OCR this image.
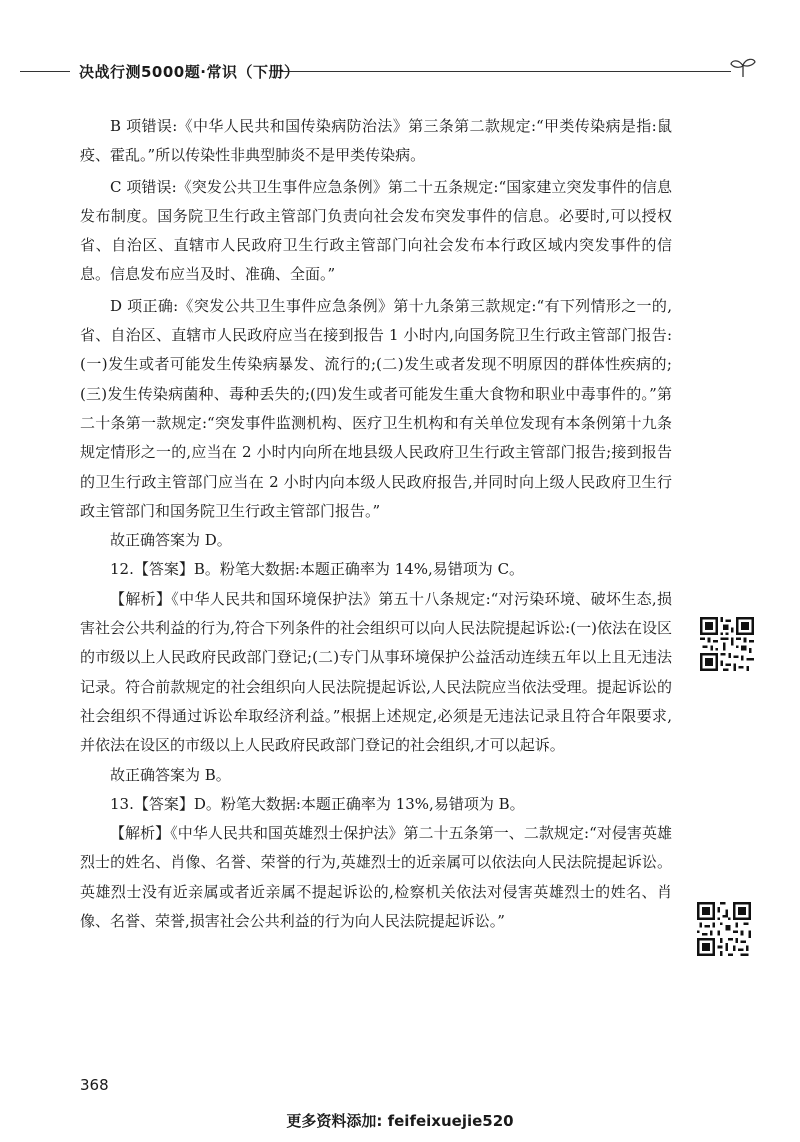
决战行测5000题·常识（下册）

B 项错误:《中华人民共和国传染病防治法》第三条第二款规定:“甲类传染病是指:鼠疫、霍乱。”所以传染性非典型肺炎不是甲类传染病。

C 项错误:《突发公共卫生事件应急条例》第二十五条规定:“国家建立突发事件的信息发布制度。国务院卫生行政主管部门负责向社会发布突发事件的信息。必要时,可以授权省、自治区、直辖市人民政府卫生行政主管部门向社会发布本行政区域内突发事件的信息。信息发布应当及时、准确、全面。”

D 项正确:《突发公共卫生事件应急条例》第十九条第三款规定:“有下列情形之一的,省、自治区、直辖市人民政府应当在接到报告 1 小时内,向国务院卫生行政主管部门报告:(一)发生或者可能发生传染病暴发、流行的;(二)发生或者发现不明原因的群体性疾病的;(三)发生传染病菌种、毒种丢失的;(四)发生或者可能发生重大食物和职业中毒事件的。”第二十条第一款规定:“突发事件监测机构、医疗卫生机构和有关单位发现有本条例第十九条规定情形之一的,应当在 2 小时内向所在地县级人民政府卫生行政主管部门报告;接到报告的卫生行政主管部门应当在 2 小时内向本级人民政府报告,并同时向上级人民政府卫生行政主管部门和国务院卫生行政主管部门报告。”

故正确答案为 D。

12.【答案】B。粉笔大数据:本题正确率为 14%,易错项为 C。

【解析】《中华人民共和国环境保护法》第五十八条规定:“对污染环境、破坏生态,损害社会公共利益的行为,符合下列条件的社会组织可以向人民法院提起诉讼:(一)依法在设区的市级以上人民政府民政部门登记;(二)专门从事环境保护公益活动连续五年以上且无违法记录。符合前款规定的社会组织向人民法院提起诉讼,人民法院应当依法受理。提起诉讼的社会组织不得通过诉讼牟取经济利益。”根据上述规定,必须是无违法记录且符合年限要求,并依法在设区的市级以上人民政府民政部门登记的社会组织,才可以起诉。

故正确答案为 B。

13.【答案】D。粉笔大数据:本题正确率为 13%,易错项为 B。

【解析】《中华人民共和国英雄烈士保护法》第二十五条第一、二款规定:“对侵害英雄烈士的姓名、肖像、名誉、荣誉的行为,英雄烈士的近亲属可以依法向人民法院提起诉讼。英雄烈士没有近亲属或者近亲属不提起诉讼的,检察机关依法对侵害英雄烈士的姓名、肖像、名誉、荣誉,损害社会公共利益的行为向人民法院提起诉讼。”

368
更多资料添加: feifeixuejie520
